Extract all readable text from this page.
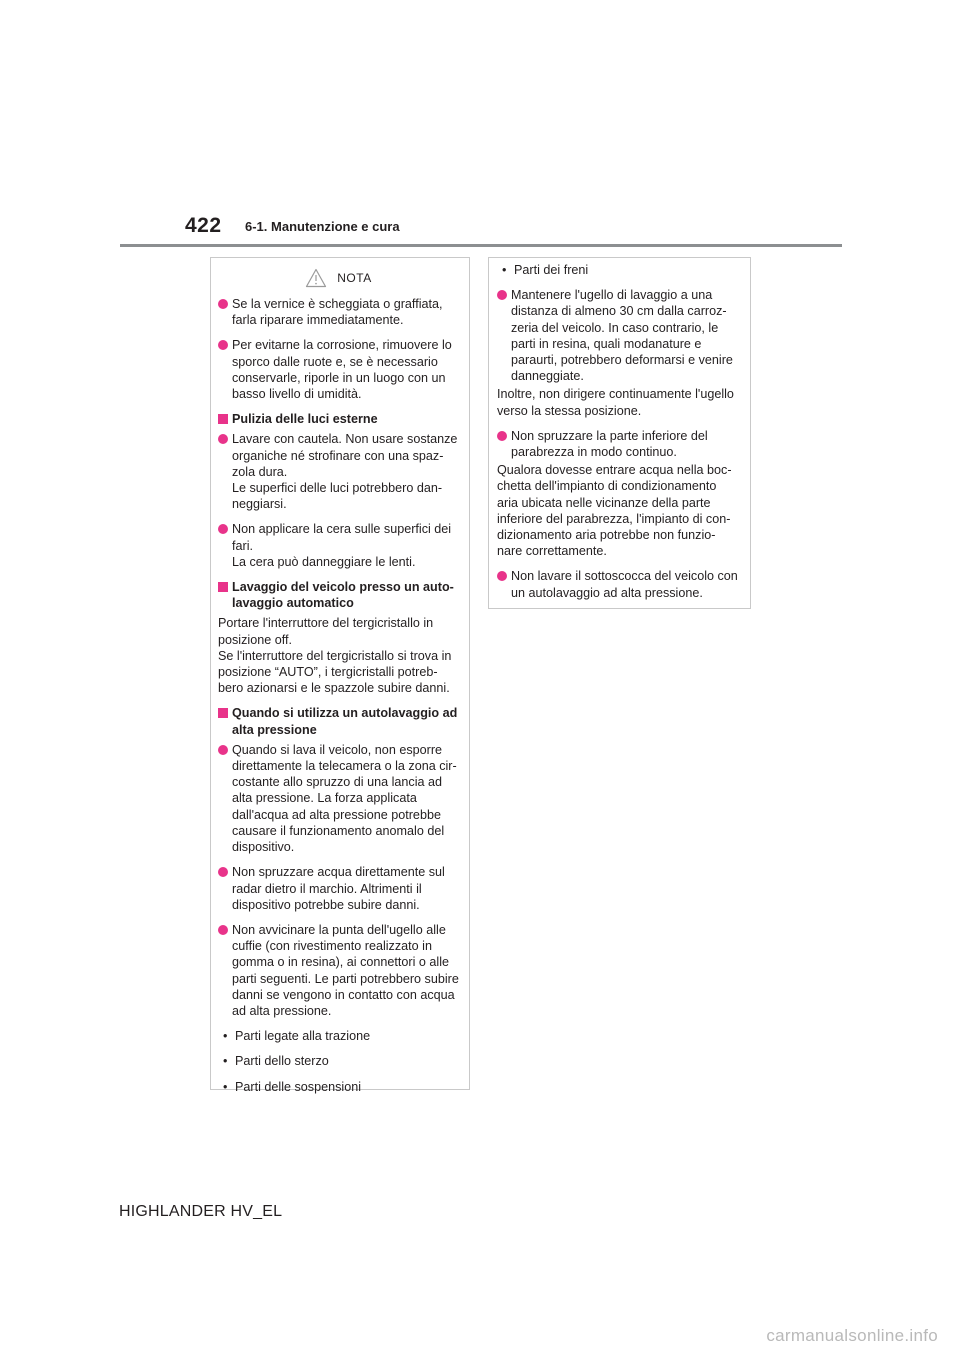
422 6-1. Manutenzione e cura
NOTA
Se la vernice è scheggiata o graffiata, farla riparare immediatamente.
Per evitarne la corrosione, rimuovere lo sporco dalle ruote e, se è necessario conservarle, riporle in un luogo con un basso livello di umidità.
Pulizia delle luci esterne
Lavare con cautela. Non usare sostanze organiche né strofinare con una spaz-zola dura.
Le superfici delle luci potrebbero dan-neggiarsi.
Non applicare la cera sulle superfici dei fari.
La cera può danneggiare le lenti.
Lavaggio del veicolo presso un auto-lavaggio automatico
Portare l'interruttore del tergicristallo in posizione off.
Se l'interruttore del tergicristallo si trova in posizione “AUTO”, i tergicristalli potreb-bero azionarsi e le spazzole subire danni.
Quando si utilizza un autolavaggio ad alta pressione
Quando si lava il veicolo, non esporre direttamente la telecamera o la zona cir-costante allo spruzzo di una lancia ad alta pressione. La forza applicata dall'acqua ad alta pressione potrebbe causare il funzionamento anomalo del dispositivo.
Non spruzzare acqua direttamente sul radar dietro il marchio. Altrimenti il dispositivo potrebbe subire danni.
Non avvicinare la punta dell'ugello alle cuffie (con rivestimento realizzato in gomma o in resina), ai connettori o alle parti seguenti. Le parti potrebbero subire danni se vengono in contatto con acqua ad alta pressione.
• Parti legate alla trazione
• Parti dello sterzo
• Parti delle sospensioni
• Parti dei freni
Mantenere l'ugello di lavaggio a una distanza di almeno 30 cm dalla carroz-zeria del veicolo. In caso contrario, le parti in resina, quali modanature e paraurti, potrebbero deformarsi e venire danneggiate.
Inoltre, non dirigere continuamente l'ugello verso la stessa posizione.
Non spruzzare la parte inferiore del parabrezza in modo continuo.
Qualora dovesse entrare acqua nella boc-chetta dell'impianto di condizionamento aria ubicata nelle vicinanze della parte inferiore del parabrezza, l'impianto di con-dizionamento aria potrebbe non funzio-nare correttamente.
Non lavare il sottoscocca del veicolo con un autolavaggio ad alta pressione.
HIGHLANDER HV_EL
carmanualsonline.info
